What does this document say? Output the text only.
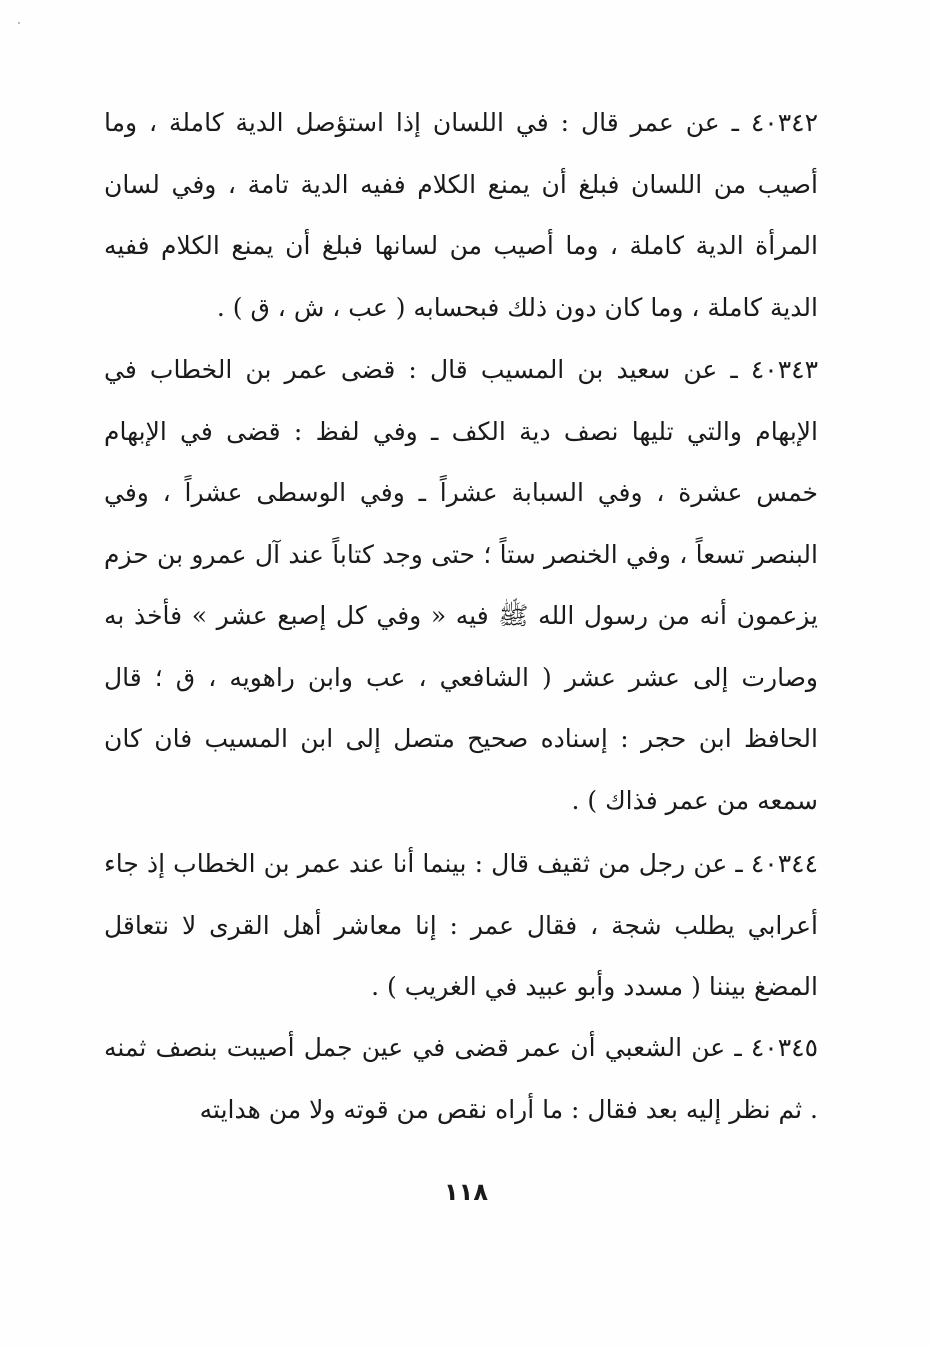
٤٠٣٤٢ ـ عن عمر قال : في اللسان إذا استؤصل الدية كاملة ، وما أصيب من اللسان فبلغ أن يمنع الكلام ففيه الدية تامة ، وفي لسان المرأة الدية كاملة ، وما أصيب من لسانها فبلغ أن يمنع الكلام ففيه الدية كاملة ، وما كان دون ذلك فبحسابه ( عب ، ش ، ق ) .

٤٠٣٤٣ ـ عن سعيد بن المسيب قال : قضى عمر بن الخطاب في الإبهام والتي تليها نصف دية الكف ـ وفي لفظ : قضى في الإبهام خمس عشرة ، وفي السبابة عشراً ـ وفي الوسطى عشراً ، وفي البنصر تسعاً ، وفي الخنصر ستاً ؛ حتى وجد كتاباً عند آل عمرو بن حزم يزعمون أنه من رسول الله ﷺ فيه « وفي كل إصبع عشر » فأخذ به وصارت إلى عشر عشر ( الشافعي ، عب وابن راهويه ، ق ؛ قال الحافظ ابن حجر : إسناده صحيح متصل إلى ابن المسيب فان كان سمعه من عمر فذاك ) .

٤٠٣٤٤ ـ عن رجل من ثقيف قال : بينما أنا عند عمر بن الخطاب إذ جاء أعرابي يطلب شجة ، فقال عمر : إنا معاشر أهل القرى لا نتعاقل المضغ بيننا ( مسدد وأبو عبيد في الغريب ) .

٤٠٣٤٥ ـ عن الشعبي أن عمر قضى في عين جمل أصيبت بنصف ثمنه . ثم نظر إليه بعد فقال : ما أراه نقص من قوته ولا من هدايته

١١٨
